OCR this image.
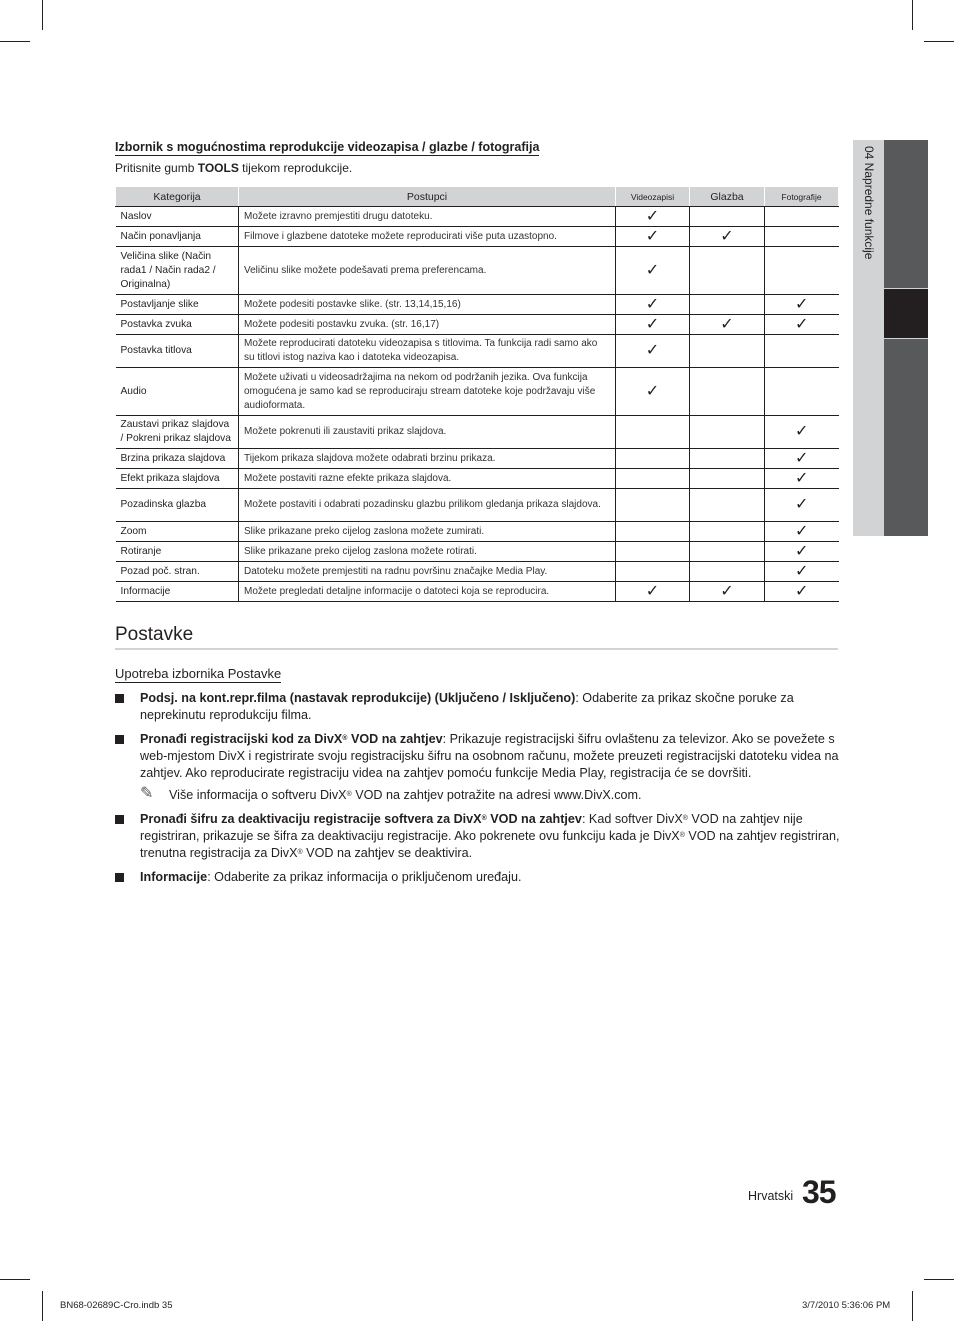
04 Napredne funkcije
Izbornik s mogućnostima reprodukcije videozapisa / glazbe / fotografija
Pritisnite gumb TOOLS tijekom reprodukcije.
Kategorija	Postupci	Videozapisi	Glazba	Fotografije
Naslov	Možete izravno premjestiti drugu datoteku.	✓		
Način ponavljanja	Filmove i glazbene datoteke možete reproducirati više puta uzastopno.	✓	✓	
Veličina slike (Način rada1 / Način rada2 / Originalna)	Veličinu slike možete podešavati prema preferencama.	✓		
Postavljanje slike	Možete podesiti postavke slike. (str. 13,14,15,16)	✓		✓
Postavka zvuka	Možete podesiti postavku zvuka. (str. 16,17)	✓	✓	✓
Postavka titlova	Možete reproducirati datoteku videozapisa s titlovima. Ta funkcija radi samo ako su titlovi istog naziva kao i datoteka videozapisa.	✓		
Audio	Možete uživati u videosadržajima na nekom od podržanih jezika. Ova funkcija omogućena je samo kad se reproduciraju stream datoteke koje podržavaju više audioformata.	✓		
Zaustavi prikaz slajdova / Pokreni prikaz slajdova	Možete pokrenuti ili zaustaviti prikaz slajdova.			✓
Brzina prikaza slajdova	Tijekom prikaza slajdova možete odabrati brzinu prikaza.			✓
Efekt prikaza slajdova	Možete postaviti razne efekte prikaza slajdova.			✓
Pozadinska glazba	Možete postaviti i odabrati pozadinsku glazbu prilikom gledanja prikaza slajdova.			✓
Zoom	Slike prikazane preko cijelog zaslona možete zumirati.			✓
Rotiranje	Slike prikazane preko cijelog zaslona možete rotirati.			✓
Pozad poč. stran.	Datoteku možete premjestiti na radnu površinu značajke Media Play.			✓
Informacije	Možete pregledati detaljne informacije o datoteci koja se reproducira.	✓	✓	✓
Postavke
Upotreba izbornika Postavke
Podsj. na kont.repr.filma (nastavak reprodukcije) (Uključeno / Isključeno): Odaberite za prikaz skočne poruke za neprekinutu reprodukciju filma.
Pronađi registracijski kod za DivX® VOD na zahtjev: Prikazuje registracijski šifru ovlaštenu za televizor. Ako se povežete s web-mjestom DivX i registrirate svoju registracijsku šifru na osobnom računu, možete preuzeti registracijski datoteku videa na zahtjev. Ako reproducirate registraciju videa na zahtjev pomoću funkcije Media Play, registracija će se dovršiti.
✎ Više informacija o softveru DivX® VOD na zahtjev potražite na adresi www.DivX.com.
Pronađi šifru za deaktivaciju registracije softvera za DivX® VOD na zahtjev: Kad softver DivX® VOD na zahtjev nije registriran, prikazuje se šifra za deaktivaciju registracije. Ako pokrenete ovu funkciju kada je DivX® VOD na zahtjev registriran, trenutna registracija za DivX® VOD na zahtjev se deaktivira.
Informacije: Odaberite za prikaz informacija o priključenom uređaju.
Hrvatski 35
BN68-02689C-Cro.indb 35	3/7/2010 5:36:06 PM
